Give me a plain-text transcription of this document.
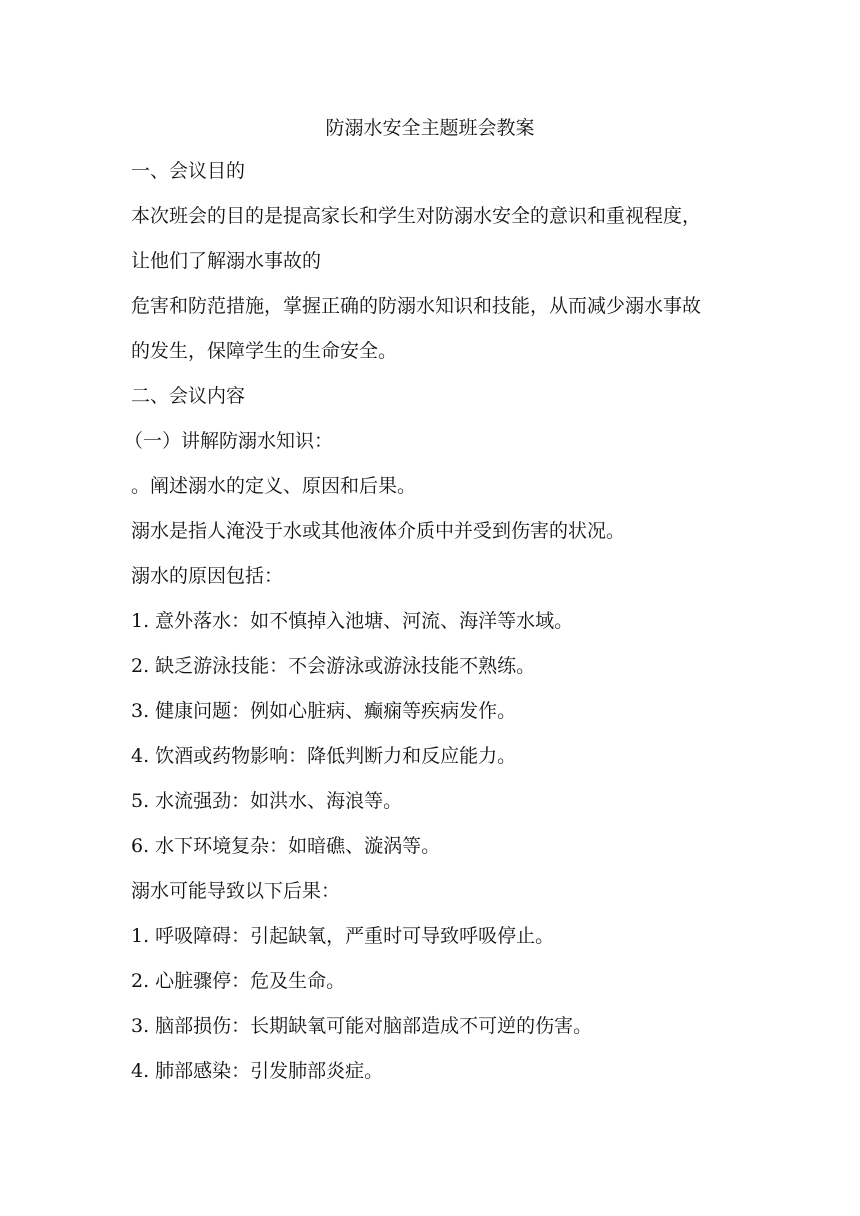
防溺水安全主题班会教案
一、会议目的
本次班会的目的是提高家长和学生对防溺水安全的意识和重视程度，
让他们了解溺水事故的
危害和防范措施，掌握正确的防溺水知识和技能，从而减少溺水事故
的发生，保障学生的生命安全。
二、会议内容
（一）讲解防溺水知识：
。阐述溺水的定义、原因和后果。
溺水是指人淹没于水或其他液体介质中并受到伤害的状况。
溺水的原因包括：
1. 意外落水：如不慎掉入池塘、河流、海洋等水域。
2. 缺乏游泳技能：不会游泳或游泳技能不熟练。
3. 健康问题：例如心脏病、癫痫等疾病发作。
4. 饮酒或药物影响：降低判断力和反应能力。
5. 水流强劲：如洪水、海浪等。
6. 水下环境复杂：如暗礁、漩涡等。
溺水可能导致以下后果：
1. 呼吸障碍：引起缺氧，严重时可导致呼吸停止。
2. 心脏骤停：危及生命。
3. 脑部损伤：长期缺氧可能对脑部造成不可逆的伤害。
4. 肺部感染：引发肺部炎症。
